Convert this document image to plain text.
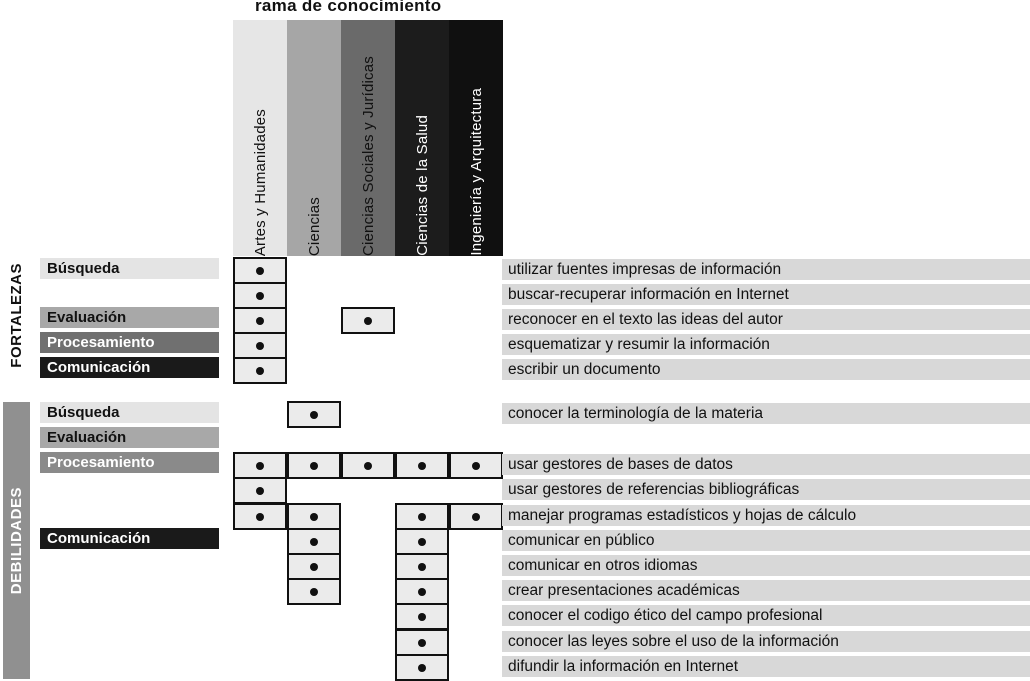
rama de conocimiento
Artes y Humanidades Ciencias Ciencias Sociales y Jurídicas Ciencias de la Salud Ingeniería y Arquitectura
FORTALEZAS
DEBILIDADES
Búsqueda
Evaluación
Procesamiento
Comunicación
Búsqueda
Evaluación
Procesamiento
Comunicación
utilizar fuentes impresas de información
buscar-recuperar información en Internet
reconocer en el texto las ideas del autor
esquematizar y resumir la información
escribir un documento
conocer la terminología de la materia
usar gestores de bases de datos
usar gestores de referencias bibliográficas
manejar programas estadísticos y hojas de cálculo
comunicar en público
comunicar en otros idiomas
crear presentaciones académicas
conocer el codigo ético del campo profesional
conocer las leyes sobre el uso de la información
difundir la información en Internet
